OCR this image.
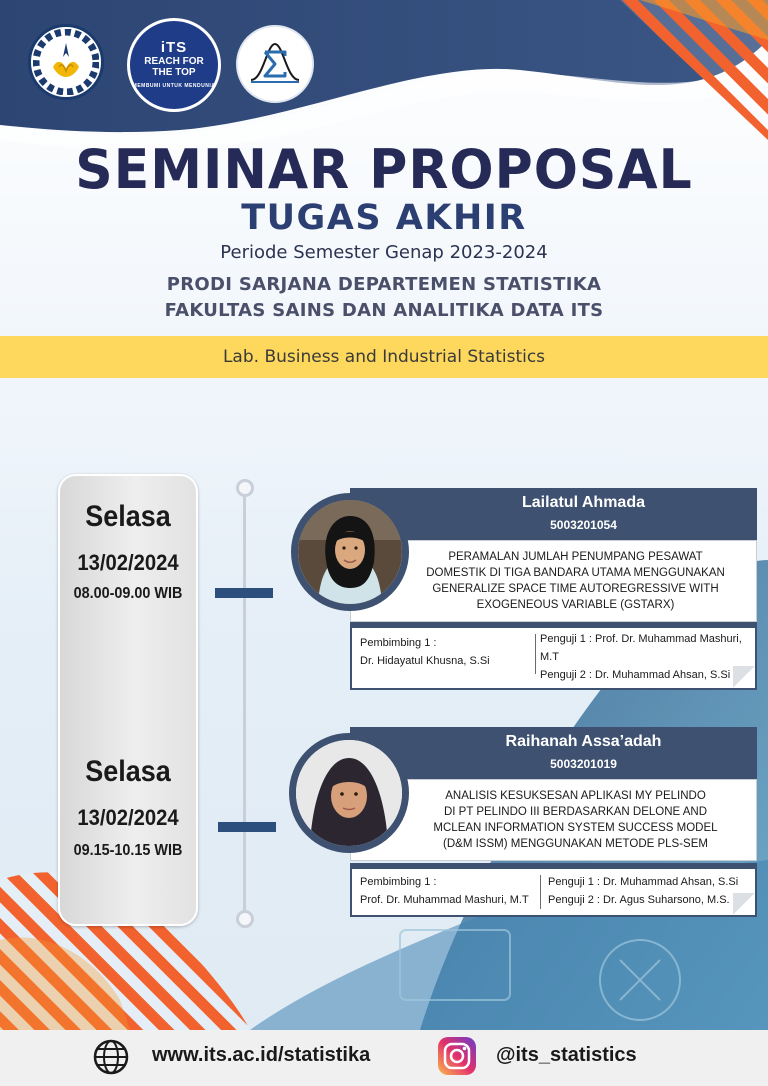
iTS
REACH FOR
THE TOP
MEMBUMI UNTUK MENDUNIA
SEMINAR PROPOSAL
TUGAS AKHIR
Periode Semester Genap 2023-2024
PRODI SARJANA DEPARTEMEN STATISTIKA
FAKULTAS SAINS DAN ANALITIKA DATA ITS
Lab. Business and Industrial Statistics
Selasa
13/02/2024
08.00-09.00 WIB
Selasa
13/02/2024
09.15-10.15 WIB
Lailatul Ahmada
5003201054
PERAMALAN JUMLAH PENUMPANG PESAWAT
DOMESTIK DI TIGA BANDARA UTAMA MENGGUNAKAN
GENERALIZE SPACE TIME AUTOREGRESSIVE WITH
EXOGENEOUS VARIABLE (GSTARX)
Pembimbing 1 :
Dr. Hidayatul Khusna, S.Si
Penguji 1 : Prof. Dr. Muhammad Mashuri, M.T
Penguji 2 : Dr. Muhammad Ahsan, S.Si
Raihanah Assa’adah
5003201019
ANALISIS KESUKSESAN APLIKASI MY PELINDO
DI PT PELINDO III BERDASARKAN DELONE AND
MCLEAN INFORMATION SYSTEM SUCCESS MODEL
(D&M ISSM) MENGGUNAKAN METODE PLS-SEM
Pembimbing 1 :
Prof. Dr. Muhammad Mashuri, M.T
Penguji 1 : Dr. Muhammad Ahsan, S.Si
Penguji 2 : Dr. Agus Suharsono, M.S.
www.its.ac.id/statistika	@its_statistics
